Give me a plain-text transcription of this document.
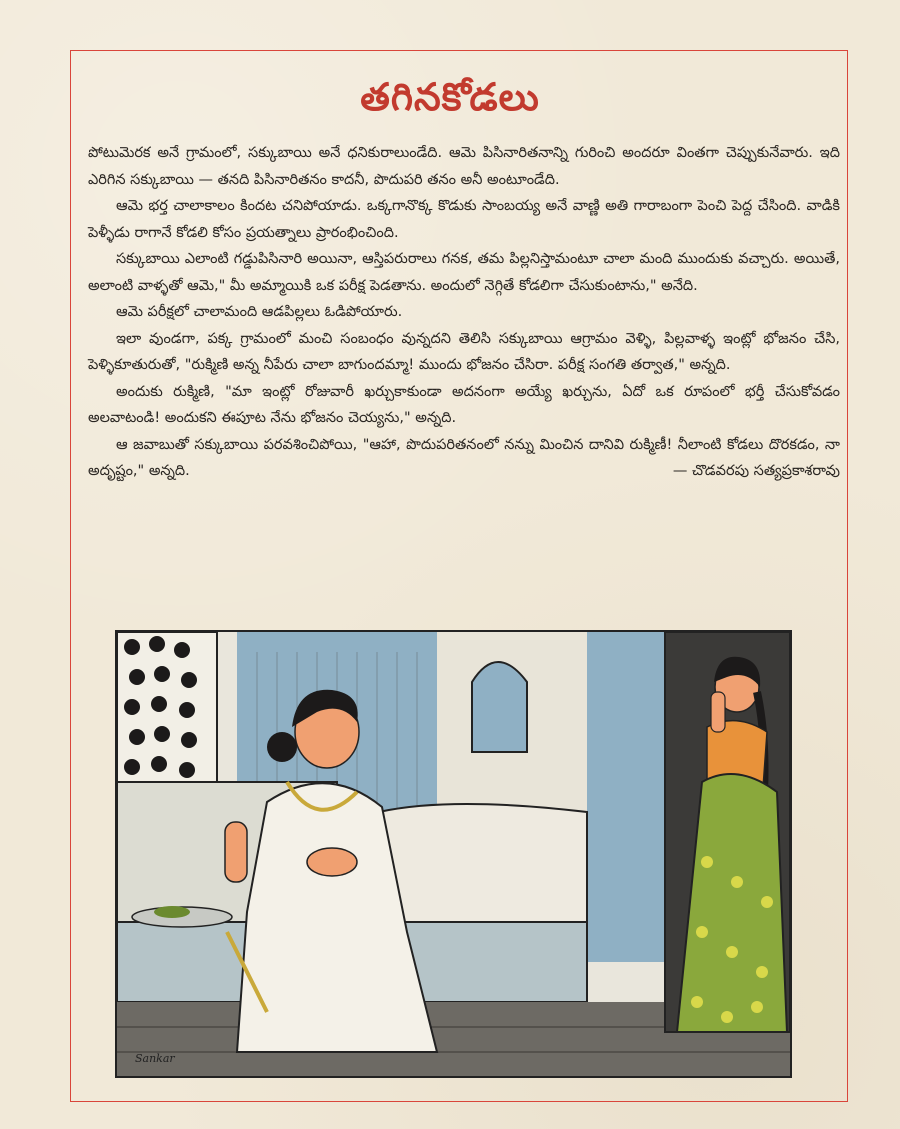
తగినకోడలు

పోటుమెరక అనే గ్రామంలో, సక్కుబాయి అనే ధనికురాలుండేది. ఆమె పిసినారితనాన్ని గురించి అందరూ వింతగా చెప్పుకునేవారు. ఇది ఎరిగిన సక్కుబాయి — తనది పిసినారితనం కాదనీ, పొదుపరి తనం అనీ అంటూండేది.

ఆమె భర్త చాలాకాలం కిందట చనిపోయాడు. ఒక్కగానొక్క కొడుకు సాంబయ్య అనే వాణ్ణి అతి గారాబంగా పెంచి పెద్ద చేసింది. వాడికి పెళ్ళీడు రాగానే కోడలి కోసం ప్రయత్నాలు ప్రారంభించింది.

సక్కుబాయి ఎలాంటి గడ్డుపిసినారి అయినా, ఆస్తిపరురాలు గనక, తమ పిల్లనిస్తామంటూ చాలా మంది ముందుకు వచ్చారు. అయితే, అలాంటి వాళ్ళతో ఆమె," మీ అమ్మాయికి ఒక పరీక్ష పెడతాను. అందులో నెగ్గితే కోడలిగా చేసుకుంటాను," అనేది.

ఆమె పరీక్షలో చాలామంది ఆడపిల్లలు ఓడిపోయారు.

ఇలా వుండగా, పక్క గ్రామంలో మంచి సంబంధం వున్నదని తెలిసి సక్కుబాయి ఆగ్రామం వెళ్ళి, పిల్లవాళ్ళ ఇంట్లో భోజనం చేసి, పెళ్ళికూతురుతో, "రుక్మిణి అన్న నీపేరు చాలా బాగుందమ్మా! ముందు భోజనం చేసిరా. పరీక్ష సంగతి తర్వాత," అన్నది.

అందుకు రుక్మిణి, "మా ఇంట్లో రోజువారీ ఖర్చుకాకుండా అదనంగా అయ్యే ఖర్చును, ఏదో ఒక రూపంలో భర్తీ చేసుకోవడం అలవాటండి! అందుకని ఈపూట నేను భోజనం చెయ్యను," అన్నది.

ఆ జవాబుతో సక్కుబాయి పరవశించిపోయి, "ఆహా, పొదుపరితనంలో నన్ను మించిన దానివి రుక్మిణీ! నీలాంటి కోడలు దొరకడం, నా అదృష్టం," అన్నది.	— చొడవరపు సత్యప్రకాశరావు

Sankar
